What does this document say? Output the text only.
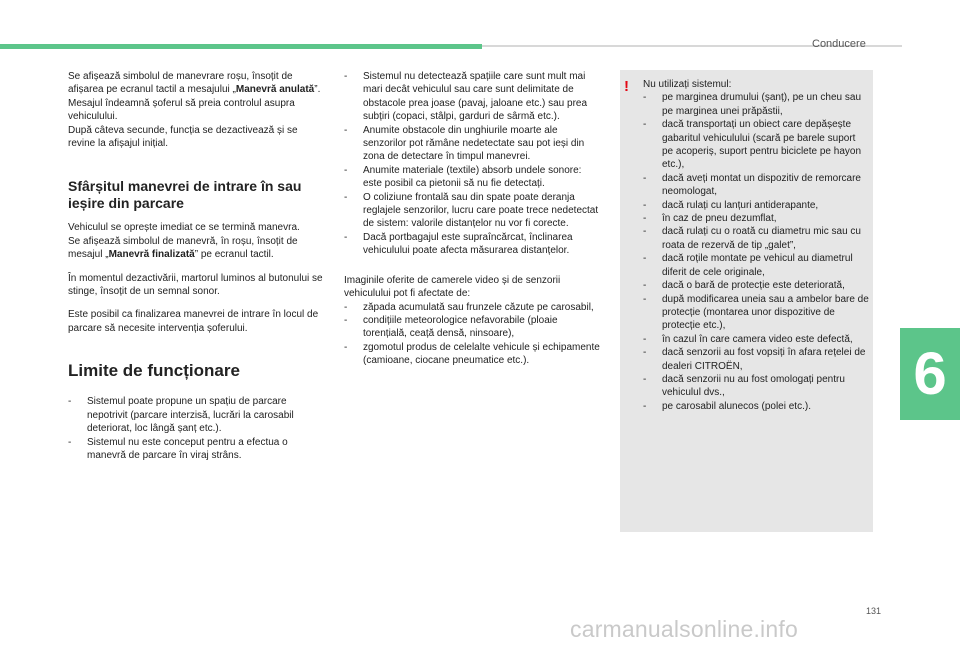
Conducere
6

Se afișează simbolul de manevrare roșu, însoțit de afișarea pe ecranul tactil a mesajului „Manevră anulată”.
Mesajul îndeamnă șoferul să preia controlul asupra vehiculului.
După câteva secunde, funcția se dezactivează și se revine la afișajul inițial.

Sfârșitul manevrei de intrare în sau ieșire din parcare

Vehiculul se oprește imediat ce se termină manevra.
Se afișează simbolul de manevră, în roșu, însoțit de mesajul „Manevră finalizată” pe ecranul tactil.

În momentul dezactivării, martorul luminos al butonului se stinge, însoțit de un semnal sonor.

Este posibil ca finalizarea manevrei de intrare în locul de parcare să necesite intervenția șoferului.

Limite de funcționare
- Sistemul poate propune un spațiu de parcare nepotrivit (parcare interzisă, lucrări la carosabil deteriorat, loc lângă șanț etc.).
- Sistemul nu este conceput pentru a efectua o manevră de parcare în viraj strâns.
- Sistemul nu detectează spațiile care sunt mult mai mari decât vehiculul sau care sunt delimitate de obstacole prea joase (pavaj, jaloane etc.) sau prea subțiri (copaci, stâlpi, garduri de sârmă etc.).
- Anumite obstacole din unghiurile moarte ale senzorilor pot rămâne nedetectate sau pot ieși din zona de detectare în timpul manevrei.
- Anumite materiale (textile) absorb undele sonore: este posibil ca pietonii să nu fie detectați.
- O coliziune frontală sau din spate poate deranja reglajele senzorilor, lucru care poate trece nedetectat de sistem: valorile distanțelor nu vor fi corecte.
- Dacă portbagajul este supraîncărcat, înclinarea vehiculului poate afecta măsurarea distanțelor.

Imaginile oferite de camerele video și de senzorii vehiculului pot fi afectate de:

- zăpada acumulată sau frunzele căzute pe carosabil,
- condițiile meteorologice nefavorabile (ploaie torențială, ceață densă, ninsoare),
- zgomotul produs de celelalte vehicule și echipamente (camioane, ciocane pneumatice etc.).
! Nu utilizați sistemul:
- pe marginea drumului (șanț), pe un cheu sau pe marginea unei prăpăstii,
- dacă transportați un obiect care depășește gabaritul vehiculului (scară pe barele suport pe acoperiș, suport pentru biciclete pe hayon etc.),
- dacă aveți montat un dispozitiv de remorcare neomologat,
- dacă rulați cu lanțuri antiderapante,
- în caz de pneu dezumflat,
- dacă rulați cu o roată cu diametru mic sau cu roata de rezervă de tip „galet”,
- dacă roțile montate pe vehicul au diametrul diferit de cele originale,
- dacă o bară de protecție este deteriorată,
- după modificarea uneia sau a ambelor bare de protecție (montarea unor dispozitive de protecție etc.),
- în cazul în care camera video este defectă,
- dacă senzorii au fost vopsiți în afara rețelei de dealeri CITROËN,
- dacă senzorii nu au fost omologați pentru vehiculul dvs.,
- pe carosabil alunecos (polei etc.).
131
carmanualsonline.info
